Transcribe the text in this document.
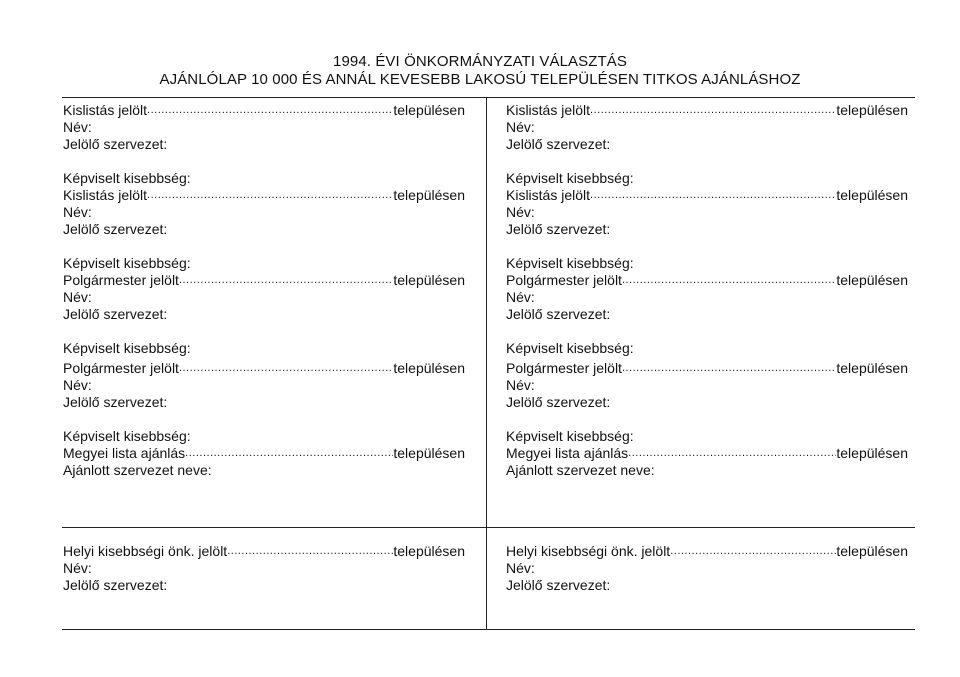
1994. ÉVI ÖNKORMÁNYZATI VÁLASZTÁS
AJÁNLÓLAP 10 000 ÉS ANNÁL KEVESEBB LAKOSÚ TELEPÜLÉSEN TITKOS AJÁNLÁSHOZ
Kislistás jelölt .....	településen
Név:
Jelölő szervezet:
Képviselt kisebbség:
Kislistás jelölt .....	településen
Név:
Jelölő szervezet:
Képviselt kisebbség:
Polgármester jelölt .....	településen
Név:
Jelölő szervezet:
Képviselt kisebbség:
Polgármester jelölt .....	településen
Név:
Jelölő szervezet:
Képviselt kisebbség:
Megyei lista ajánlás .....	településen
Ajánlott szervezet neve:
Kislistás jelölt .....	településen
Név:
Jelölő szervezet:
Képviselt kisebbség:
Kislistás jelölt .....	településen
Név:
Jelölő szervezet:
Képviselt kisebbség:
Polgármester jelölt .....	településen
Név:
Jelölő szervezet:
Képviselt kisebbség:
Polgármester jelölt .....	településen
Név:
Jelölő szervezet:
Képviselt kisebbség:
Megyei lista ajánlás .....	településen
Ajánlott szervezet neve:
Helyi kisebbségi önk. jelölt .....	településen
Név:
Jelölő szervezet:
Helyi kisebbségi önk. jelölt .....	településen
Név:
Jelölő szervezet:
